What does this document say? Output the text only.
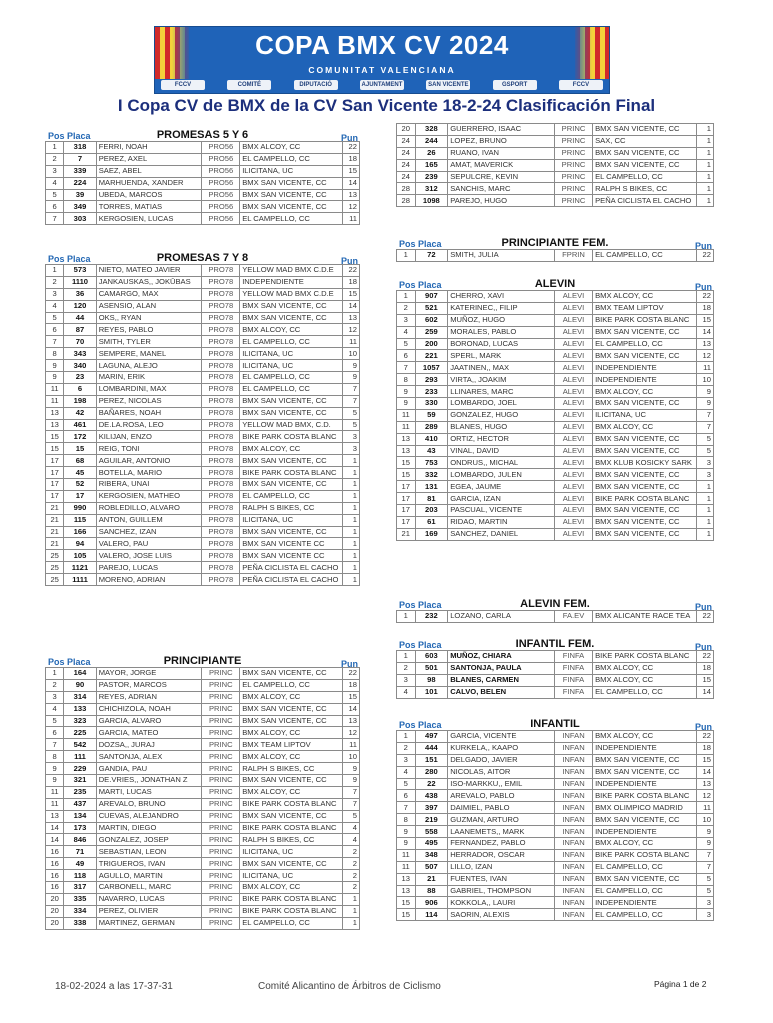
COPA BMX CV 2024
COMUNITAT VALENCIANA
FCCV	COMITÉ	DIPUTACIÓ	AJUNTAMENT	SAN VICENTE	GSPORT	FCCV
I Copa CV de BMX de la CV San Vicente 18-2-24 Clasificación Final
Pos Placa	PROMESAS 5 Y 6	Pun
1	318	FERRI, NOAH	PRO56	BMX ALCOY, CC	22
2	7	PEREZ, AXEL	PRO56	EL CAMPELLO, CC	18
3	339	SAEZ, ABEL	PRO56	ILICITANA, UC	15
4	224	MARHUENDA, XANDER	PRO56	BMX SAN VICENTE, CC	14
5	39	UBEDA, MARCOS	PRO56	BMX SAN VICENTE, CC	13
6	349	TORRES, MATIAS	PRO56	BMX SAN VICENTE, CC	12
7	303	KERGOSIEN, LUCAS	PRO56	EL CAMPELLO, CC	11
Pos Placa	PROMESAS 7 Y 8	Pun
1	573	NIETO, MATEO JAVIER	PRO78	YELLOW MAD BMX C.D.E	22
2	1110	JANKAUSKAS,, JOKŪBAS	PRO78	INDEPENDIENTE	18
3	36	CAMARGO, MAX	PRO78	YELLOW MAD BMX C.D.E	15
4	120	ASENSIO, ALAN	PRO78	BMX SAN VICENTE, CC	14
5	44	OKS,, RYAN	PRO78	BMX SAN VICENTE, CC	13
6	87	REYES, PABLO	PRO78	BMX ALCOY, CC	12
7	70	SMITH, TYLER	PRO78	EL CAMPELLO, CC	11
8	343	SEMPERE, MANEL	PRO78	ILICITANA, UC	10
9	340	LAGUNA, ALEJO	PRO78	ILICITANA, UC	9
9	23	MARIN, ERIK	PRO78	EL CAMPELLO, CC	9
11	6	LOMBARDINI, MAX	PRO78	EL CAMPELLO, CC	7
11	198	PEREZ, NICOLAS	PRO78	BMX SAN VICENTE, CC	7
13	42	BAÑARES, NOAH	PRO78	BMX SAN VICENTE, CC	5
13	461	DE.LA.ROSA, LEO	PRO78	YELLOW MAD BMX, C.D.	5
15	172	KILIJAN, ENZO	PRO78	BIKE PARK COSTA BLANC	3
15	15	REIG, TONI	PRO78	BMX ALCOY, CC	3
17	68	AGUILAR, ANTONIO	PRO78	BMX SAN VICENTE, CC	1
17	45	BOTELLA, MARIO	PRO78	BIKE PARK COSTA BLANC	1
17	52	RIBERA, UNAI	PRO78	BMX SAN VICENTE, CC	1
17	17	KERGOSIEN, MATHEO	PRO78	EL CAMPELLO, CC	1
21	990	ROBLEDILLO, ALVARO	PRO78	RALPH S BIKES, CC	1
21	115	ANTON, GUILLEM	PRO78	ILICITANA, UC	1
21	166	SANCHEZ, IZAN	PRO78	BMX SAN VICENTE, CC	1
21	94	VALERO, PAU	PRO78	BMX SAN VICENTE CC	1
25	105	VALERO, JOSE LUIS	PRO78	BMX SAN VICENTE CC	1
25	1121	PAREJO, LUCAS	PRO78	PEÑA CICLISTA EL CACHO	1
25	1111	MORENO, ADRIAN	PRO78	PEÑA CICLISTA EL CACHO	1
Pos Placa	PRINCIPIANTE	Pun
1	164	MAYOR, JORGE	PRINC	BMX SAN VICENTE, CC	22
2	90	PASTOR, MARCOS	PRINC	EL CAMPELLO, CC	18
3	314	REYES, ADRIAN	PRINC	BMX ALCOY, CC	15
4	133	CHICHIZOLA, NOAH	PRINC	BMX SAN VICENTE, CC	14
5	323	GARCIA, ALVARO	PRINC	BMX SAN VICENTE, CC	13
6	225	GARCIA, MATEO	PRINC	BMX ALCOY, CC	12
7	542	DOZSA,, JURAJ	PRINC	BMX TEAM LIPTOV	11
8	111	SANTONJA, ALEX	PRINC	BMX ALCOY, CC	10
9	229	GANDIA, PAU	PRINC	RALPH S BIKES, CC	9
9	321	DE.VRIES,, JONATHAN Z	PRINC	BMX SAN VICENTE, CC	9
11	235	MARTI, LUCAS	PRINC	BMX ALCOY, CC	7
11	437	AREVALO, BRUNO	PRINC	BIKE PARK COSTA BLANC	7
13	134	CUEVAS, ALEJANDRO	PRINC	BMX SAN VICENTE, CC	5
14	173	MARTIN, DIEGO	PRINC	BIKE PARK COSTA BLANC	4
14	846	GONZALEZ, JOSEP	PRINC	RALPH S BIKES, CC	4
16	71	SEBASTIAN, LEON	PRINC	ILICITANA, UC	2
16	49	TRIGUEROS, IVAN	PRINC	BMX SAN VICENTE, CC	2
16	118	AGULLO, MARTIN	PRINC	ILICITANA, UC	2
16	317	CARBONELL, MARC	PRINC	BMX ALCOY, CC	2
20	335	NAVARRO, LUCAS	PRINC	BIKE PARK COSTA BLANC	1
20	334	PEREZ, OLIVIER	PRINC	BIKE PARK COSTA BLANC	1
20	338	MARTINEZ, GERMAN	PRINC	EL CAMPELLO, CC	1
20	328	GUERRERO, ISAAC	PRINC	BMX SAN VICENTE, CC	1
24	244	LOPEZ, BRUNO	PRINC	SAX, CC	1
24	26	RUANO, IVAN	PRINC	BMX SAN VICENTE, CC	1
24	165	AMAT, MAVERICK	PRINC	BMX SAN VICENTE, CC	1
24	239	SEPULCRE, KEVIN	PRINC	EL CAMPELLO, CC	1
28	312	SANCHIS, MARC	PRINC	RALPH S BIKES, CC	1
28	1098	PAREJO, HUGO	PRINC	PEÑA CICLISTA EL CACHO	1
Pos Placa	PRINCIPIANTE FEM.	Pun
1	72	SMITH, JULIA	FPRIN	EL CAMPELLO, CC	22
Pos Placa	ALEVIN	Pun
1	907	CHERRO, XAVI	ALEVI	BMX ALCOY, CC	22
2	521	KATERINEC,, FILIP	ALEVI	BMX TEAM LIPTOV	18
3	602	MUÑOZ, HUGO	ALEVI	BIKE PARK COSTA BLANC	15
4	259	MORALES, PABLO	ALEVI	BMX SAN VICENTE, CC	14
5	200	BORONAD, LUCAS	ALEVI	EL CAMPELLO, CC	13
6	221	SPERL, MARK	ALEVI	BMX SAN VICENTE, CC	12
7	1057	JAATINEN,, MAX	ALEVI	INDEPENDIENTE	11
8	293	VIRTA,, JOAKIM	ALEVI	INDEPENDIENTE	10
9	233	LLINARES, MARC	ALEVI	BMX ALCOY, CC	9
9	330	LOMBARDO, JOEL	ALEVI	BMX SAN VICENTE, CC	9
11	59	GONZALEZ, HUGO	ALEVI	ILICITANA, UC	7
11	289	BLANES, HUGO	ALEVI	BMX ALCOY, CC	7
13	410	ORTIZ, HECTOR	ALEVI	BMX SAN VICENTE, CC	5
13	43	VINAL, DAVID	ALEVI	BMX SAN VICENTE, CC	5
15	753	ONDRUS,, MICHAL	ALEVI	BMX KLUB KOSICKY SARK	3
15	332	LOMBARDO, JULEN	ALEVI	BMX SAN VICENTE, CC	3
17	131	EGEA, JAUME	ALEVI	BMX SAN VICENTE, CC	1
17	81	GARCIA, IZAN	ALEVI	BIKE PARK COSTA BLANC	1
17	203	PASCUAL, VICENTE	ALEVI	BMX SAN VICENTE, CC	1
17	61	RIDAO, MARTIN	ALEVI	BMX SAN VICENTE, CC	1
21	169	SANCHEZ, DANIEL	ALEVI	BMX SAN VICENTE, CC	1
Pos Placa	ALEVIN FEM.	Pun
1	232	LOZANO, CARLA	FA.EV	BMX ALICANTE RACE TEA	22
Pos Placa	INFANTIL FEM.	Pun
1	603	MUÑOZ, CHIARA	FINFA	BIKE PARK COSTA BLANC	22
2	501	SANTONJA, PAULA	FINFA	BMX ALCOY, CC	18
3	98	BLANES, CARMEN	FINFA	BMX ALCOY, CC	15
4	101	CALVO, BELEN	FINFA	EL CAMPELLO, CC	14
Pos Placa	INFANTIL	Pun
1	497	GARCIA, VICENTE	INFAN	BMX ALCOY, CC	22
2	444	KURKELA,, KAAPO	INFAN	INDEPENDIENTE	18
3	151	DELGADO, JAVIER	INFAN	BMX SAN VICENTE, CC	15
4	280	NICOLAS, AITOR	INFAN	BMX SAN VICENTE, CC	14
5	22	ISO-MARKKU,, EMIL	INFAN	INDEPENDIENTE	13
6	438	AREVALO, PABLO	INFAN	BIKE PARK COSTA BLANC	12
7	397	DAIMIEL, PABLO	INFAN	BMX OLIMPICO MADRID	11
8	219	GUZMAN, ARTURO	INFAN	BMX SAN VICENTE, CC	10
9	558	LAANEMETS,, MARK	INFAN	INDEPENDIENTE	9
9	495	FERNANDEZ, PABLO	INFAN	BMX ALCOY, CC	9
11	348	HERRADOR, OSCAR	INFAN	BIKE PARK COSTA BLANC	7
11	507	LILLO, IZAN	INFAN	EL CAMPELLO, CC	7
13	21	FUENTES, IVAN	INFAN	BMX SAN VICENTE, CC	5
13	88	GABRIEL, THOMPSON	INFAN	EL CAMPELLO, CC	5
15	906	KOKKOLA,, LAURI	INFAN	INDEPENDIENTE	3
15	114	SAORIN, ALEXIS	INFAN	EL CAMPELLO, CC	3
18-02-2024 a las 17-37-31	Comité Alicantino de Árbitros de Ciclismo	Página 1 de 2
